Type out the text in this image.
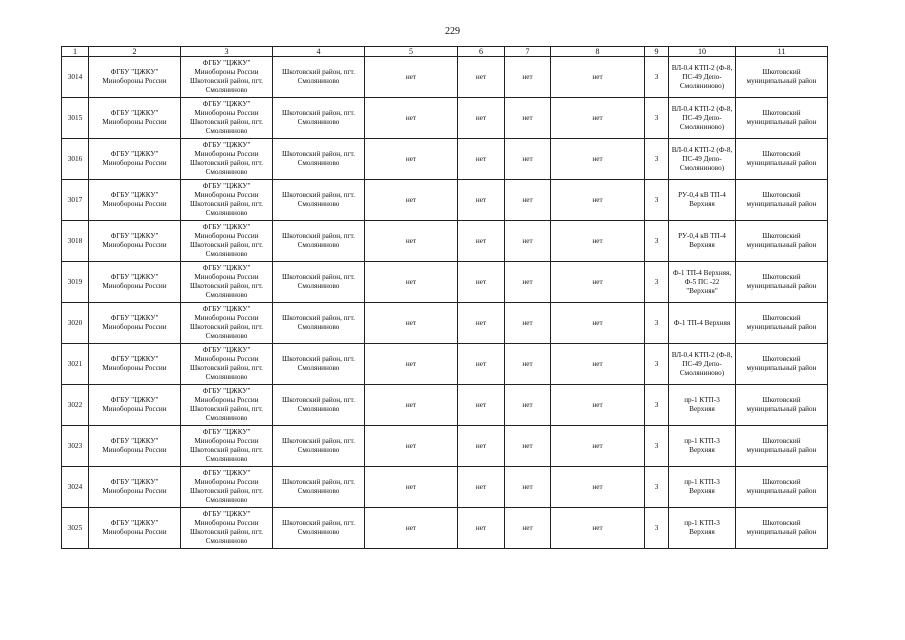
229
1	2	3	4	5	6	7	8	9	10	11
3014	ФГБУ "ЦЖКУ" Минобороны России	ФГБУ "ЦЖКУ" Минобороны России Шкотовский район, пгт. Смоляниново	Шкотовский район, пгт. Смоляниново	нет	нет	нет	нет	3	ВЛ-0.4 КТП-2 (Ф-8, ПС-49 Депо-Смоляниново)	Шкотовский муниципальный район
3015	ФГБУ "ЦЖКУ" Минобороны России	ФГБУ "ЦЖКУ" Минобороны России Шкотовский район, пгт. Смоляниново	Шкотовский район, пгт. Смоляниново	нет	нет	нет	нет	3	ВЛ-0.4 КТП-2 (Ф-8, ПС-49 Депо-Смоляниново)	Шкотовский муниципальный район
3016	ФГБУ "ЦЖКУ" Минобороны России	ФГБУ "ЦЖКУ" Минобороны России Шкотовский район, пгт. Смоляниново	Шкотовский район, пгт. Смоляниново	нет	нет	нет	нет	3	ВЛ-0.4 КТП-2 (Ф-8, ПС-49 Депо-Смоляниново)	Шкотовский муниципальный район
3017	ФГБУ "ЦЖКУ" Минобороны России	ФГБУ "ЦЖКУ" Минобороны России Шкотовский район, пгт. Смоляниново	Шкотовский район, пгт. Смоляниново	нет	нет	нет	нет	3	РУ-0,4 кВ ТП-4 Верхняя	Шкотовский муниципальный район
3018	ФГБУ "ЦЖКУ" Минобороны России	ФГБУ "ЦЖКУ" Минобороны России Шкотовский район, пгт. Смоляниново	Шкотовский район, пгт. Смоляниново	нет	нет	нет	нет	3	РУ-0,4 кВ ТП-4 Верхняя	Шкотовский муниципальный район
3019	ФГБУ "ЦЖКУ" Минобороны России	ФГБУ "ЦЖКУ" Минобороны России Шкотовский район, пгт. Смоляниново	Шкотовский район, пгт. Смоляниново	нет	нет	нет	нет	3	Ф-1 ТП-4 Верхняя, Ф-5 ПС -22 "Верхняя"	Шкотовский муниципальный район
3020	ФГБУ "ЦЖКУ" Минобороны России	ФГБУ "ЦЖКУ" Минобороны России Шкотовский район, пгт. Смоляниново	Шкотовский район, пгт. Смоляниново	нет	нет	нет	нет	3	Ф-1 ТП-4 Верхняя	Шкотовский муниципальный район
3021	ФГБУ "ЦЖКУ" Минобороны России	ФГБУ "ЦЖКУ" Минобороны России Шкотовский район, пгт. Смоляниново	Шкотовский район, пгт. Смоляниново	нет	нет	нет	нет	3	ВЛ-0.4 КТП-2 (Ф-8, ПС-49 Депо-Смоляниново)	Шкотовский муниципальный район
3022	ФГБУ "ЦЖКУ" Минобороны России	ФГБУ "ЦЖКУ" Минобороны России Шкотовский район, пгт. Смоляниново	Шкотовский район, пгт. Смоляниново	нет	нет	нет	нет	3	пр-1 КТП-3 Верхняя	Шкотовский муниципальный район
3023	ФГБУ "ЦЖКУ" Минобороны России	ФГБУ "ЦЖКУ" Минобороны России Шкотовский район, пгт. Смоляниново	Шкотовский район, пгт. Смоляниново	нет	нет	нет	нет	3	пр-1 КТП-3 Верхняя	Шкотовский муниципальный район
3024	ФГБУ "ЦЖКУ" Минобороны России	ФГБУ "ЦЖКУ" Минобороны России Шкотовский район, пгт. Смоляниново	Шкотовский район, пгт. Смоляниново	нет	нет	нет	нет	3	пр-1 КТП-3 Верхняя	Шкотовский муниципальный район
3025	ФГБУ "ЦЖКУ" Минобороны России	ФГБУ "ЦЖКУ" Минобороны России Шкотовский район, пгт. Смоляниново	Шкотовский район, пгт. Смоляниново	нет	нет	нет	нет	3	пр-1 КТП-3 Верхняя	Шкотовский муниципальный район
